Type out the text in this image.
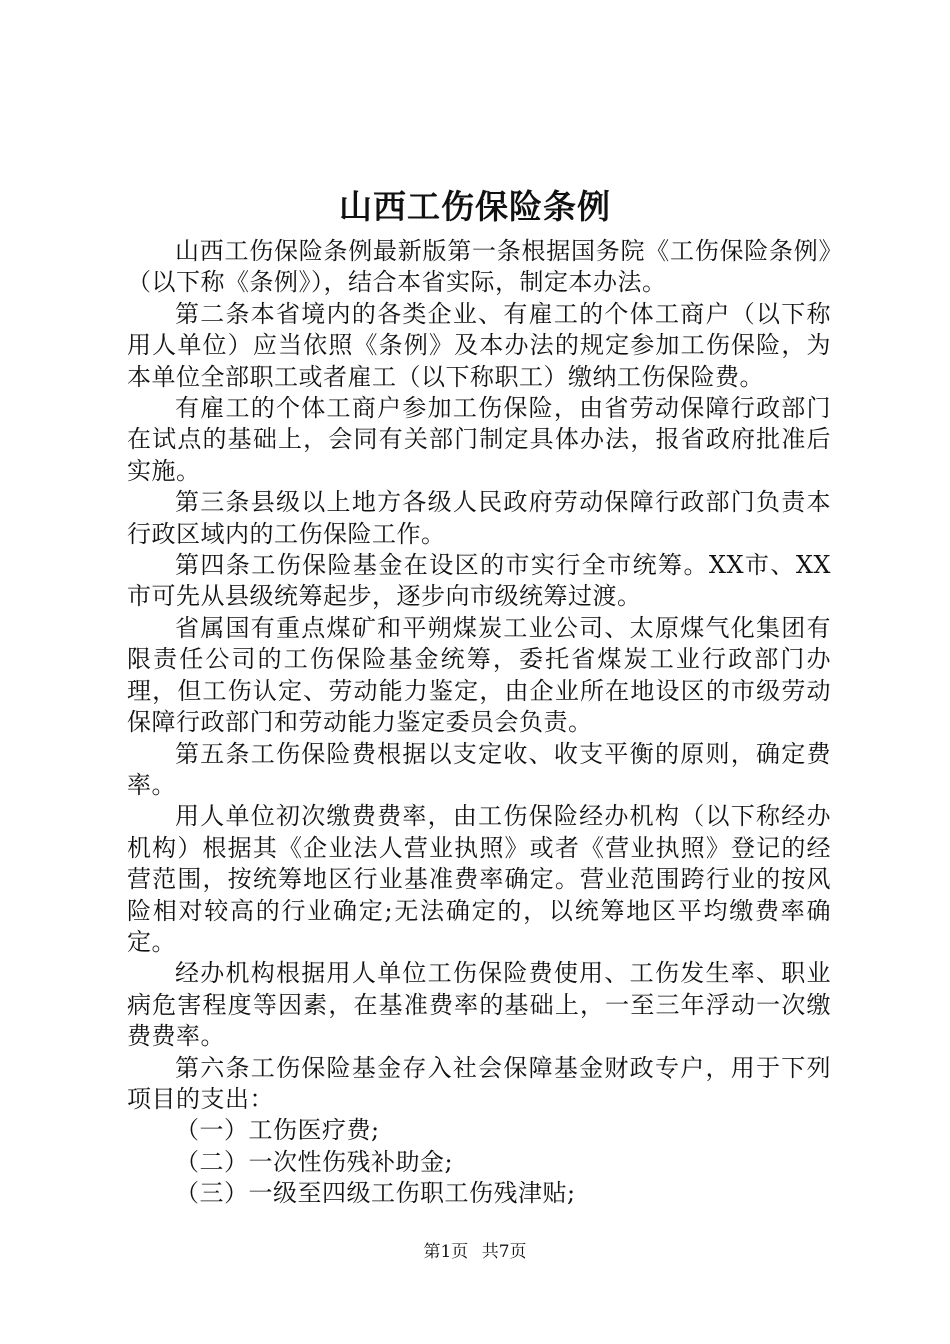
山西工伤保险条例

山西工伤保险条例最新版第一条根据国务院《工伤保险条例》（以下称《条例》），结合本省实际，制定本办法。

第二条本省境内的各类企业、有雇工的个体工商户（以下称用人单位）应当依照《条例》及本办法的规定参加工伤保险，为本单位全部职工或者雇工（以下称职工）缴纳工伤保险费。

有雇工的个体工商户参加工伤保险，由省劳动保障行政部门在试点的基础上，会同有关部门制定具体办法，报省政府批准后实施。

第三条县级以上地方各级人民政府劳动保障行政部门负责本行政区域内的工伤保险工作。

第四条工伤保险基金在设区的市实行全市统筹。XX市、XX市可先从县级统筹起步，逐步向市级统筹过渡。

省属国有重点煤矿和平朔煤炭工业公司、太原煤气化集团有限责任公司的工伤保险基金统筹，委托省煤炭工业行政部门办理，但工伤认定、劳动能力鉴定，由企业所在地设区的市级劳动保障行政部门和劳动能力鉴定委员会负责。

第五条工伤保险费根据以支定收、收支平衡的原则，确定费率。

用人单位初次缴费费率，由工伤保险经办机构（以下称经办机构）根据其《企业法人营业执照》或者《营业执照》登记的经营范围，按统筹地区行业基准费率确定。营业范围跨行业的按风险相对较高的行业确定;无法确定的，以统筹地区平均缴费率确定。

经办机构根据用人单位工伤保险费使用、工伤发生率、职业病危害程度等因素，在基准费率的基础上，一至三年浮动一次缴费费率。

第六条工伤保险基金存入社会保障基金财政专户，用于下列项目的支出：

（一）工伤医疗费;

（二）一次性伤残补助金;

（三）一级至四级工伤职工伤残津贴;

第1页 共7页
